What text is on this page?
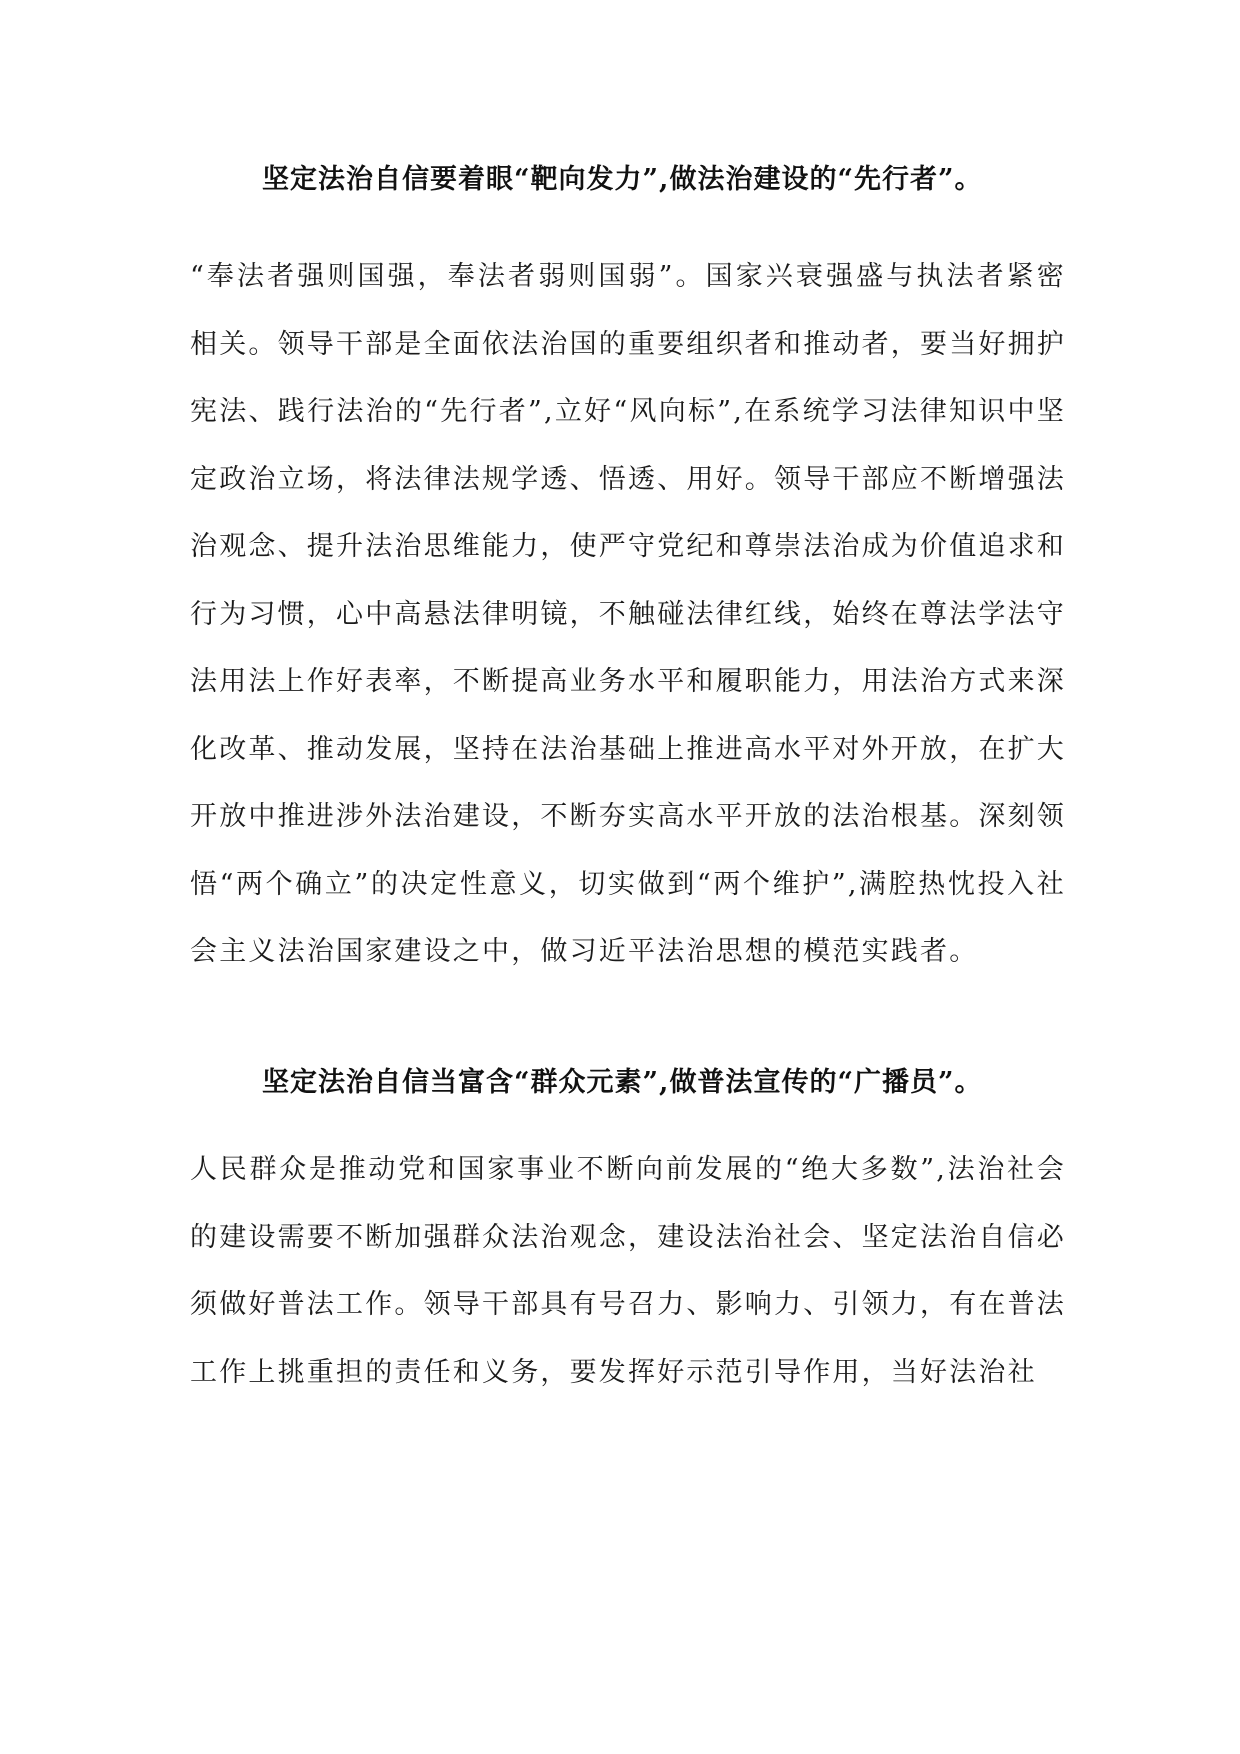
坚定法治自信要着眼“靶向发力”,做法治建设的“先行者”。

“奉法者强则国强，奉法者弱则国弱”。国家兴衰强盛与执法者紧密相关。领导干部是全面依法治国的重要组织者和推动者，要当好拥护宪法、践行法治的“先行者”,立好“风向标”,在系统学习法律知识中坚定政治立场，将法律法规学透、悟透、用好。领导干部应不断增强法治观念、提升法治思维能力，使严守党纪和尊崇法治成为价值追求和行为习惯，心中高悬法律明镜，不触碰法律红线，始终在尊法学法守法用法上作好表率，不断提高业务水平和履职能力，用法治方式来深化改革、推动发展，坚持在法治基础上推进高水平对外开放，在扩大开放中推进涉外法治建设，不断夯实高水平开放的法治根基。深刻领悟“两个确立”的决定性意义，切实做到“两个维护”,满腔热忱投入社会主义法治国家建设之中，做习近平法治思想的模范实践者。

坚定法治自信当富含“群众元素”,做普法宣传的“广播员”。

人民群众是推动党和国家事业不断向前发展的“绝大多数”,法治社会的建设需要不断加强群众法治观念，建设法治社会、坚定法治自信必须做好普法工作。领导干部具有号召力、影响力、引领力，有在普法工作上挑重担的责任和义务，要发挥好示范引导作用，当好法治社
